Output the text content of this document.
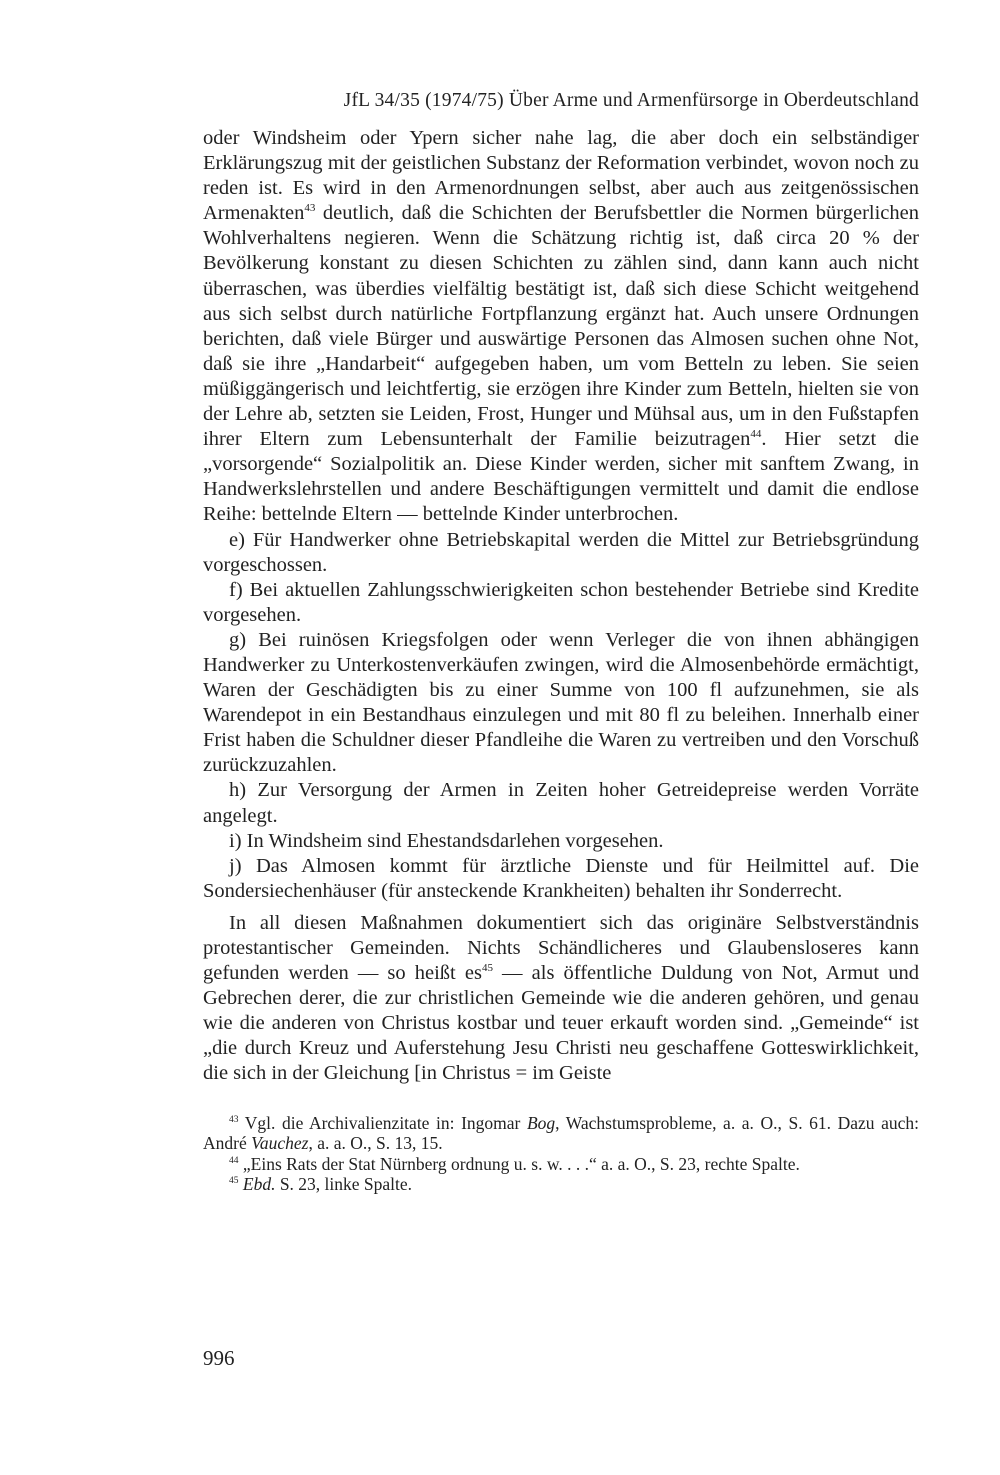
JfL 34/35 (1974/75) Über Arme und Armenfürsorge in Oberdeutschland

oder Windsheim oder Ypern sicher nahe lag, die aber doch ein selbständiger Erklärungszug mit der geistlichen Substanz der Reformation verbindet, wovon noch zu reden ist. Es wird in den Armenordnungen selbst, aber auch aus zeitgenössischen Armenakten$^{43}$ deutlich, daß die Schichten der Berufsbettler die Normen bürgerlichen Wohlverhaltens negieren. Wenn die Schätzung richtig ist, daß circa 20 % der Bevölkerung konstant zu diesen Schichten zu zählen sind, dann kann auch nicht überraschen, was überdies vielfältig bestätigt ist, daß sich diese Schicht weitgehend aus sich selbst durch natürliche Fortpflanzung ergänzt hat. Auch unsere Ordnungen berichten, daß viele Bürger und auswärtige Personen das Almosen suchen ohne Not, daß sie ihre „Handarbeit“ aufgegeben haben, um vom Betteln zu leben. Sie seien müßiggängerisch und leichtfertig, sie erzögen ihre Kinder zum Betteln, hielten sie von der Lehre ab, setzten sie Leiden, Frost, Hunger und Mühsal aus, um in den Fußstapfen ihrer Eltern zum Lebensunterhalt der Familie beizutragen$^{44}$. Hier setzt die „vorsorgende“ Sozialpolitik an. Diese Kinder werden, sicher mit sanftem Zwang, in Handwerkslehrstellen und andere Beschäftigungen vermittelt und damit die endlose Reihe: bettelnde Eltern — bettelnde Kinder unterbrochen.

e) Für Handwerker ohne Betriebskapital werden die Mittel zur Betriebsgründung vorgeschossen.

f) Bei aktuellen Zahlungsschwierigkeiten schon bestehender Betriebe sind Kredite vorgesehen.

g) Bei ruinösen Kriegsfolgen oder wenn Verleger die von ihnen abhängigen Handwerker zu Unterkostenverkäufen zwingen, wird die Almosenbehörde ermächtigt, Waren der Geschädigten bis zu einer Summe von 100 fl aufzunehmen, sie als Warendepot in ein Bestandhaus einzulegen und mit 80 fl zu beleihen. Innerhalb einer Frist haben die Schuldner dieser Pfandleihe die Waren zu vertreiben und den Vorschuß zurückzuzahlen.

h) Zur Versorgung der Armen in Zeiten hoher Getreidepreise werden Vorräte angelegt.

i) In Windsheim sind Ehestandsdarlehen vorgesehen.

j) Das Almosen kommt für ärztliche Dienste und für Heilmittel auf. Die Sondersiechenhäuser (für ansteckende Krankheiten) behalten ihr Sonderrecht.

In all diesen Maßnahmen dokumentiert sich das originäre Selbstverständnis protestantischer Gemeinden. Nichts Schändlicheres und Glaubensloseres kann gefunden werden — so heißt $es^{45}$ — als öffentliche Duldung von Not, Armut und Gebrechen derer, die zur christlichen Gemeinde wie die anderen gehören, und genau wie die anderen von Christus kostbar und teuer erkauft worden sind. „Gemeinde“ ist „die durch Kreuz und Auferstehung Jesu Christi neu geschaffene Gotteswirklichkeit, die sich in der Gleichung [in Christus = im Geiste

$^{43}$ Vgl. die Archivalienzitate in: Ingomar Bog, Wachstumsprobleme, a. a. O., S. 61. Dazu auch: André Vauchez, a. a. O., S. 13, 15.

$^{44}$ „Eins Rats der Stat Nürnberg ordnung u. s. w. . . .“ a. a. O., S. 23, rechte Spalte.

$^{45}$ Ebd. S. 23, linke Spalte.

996
